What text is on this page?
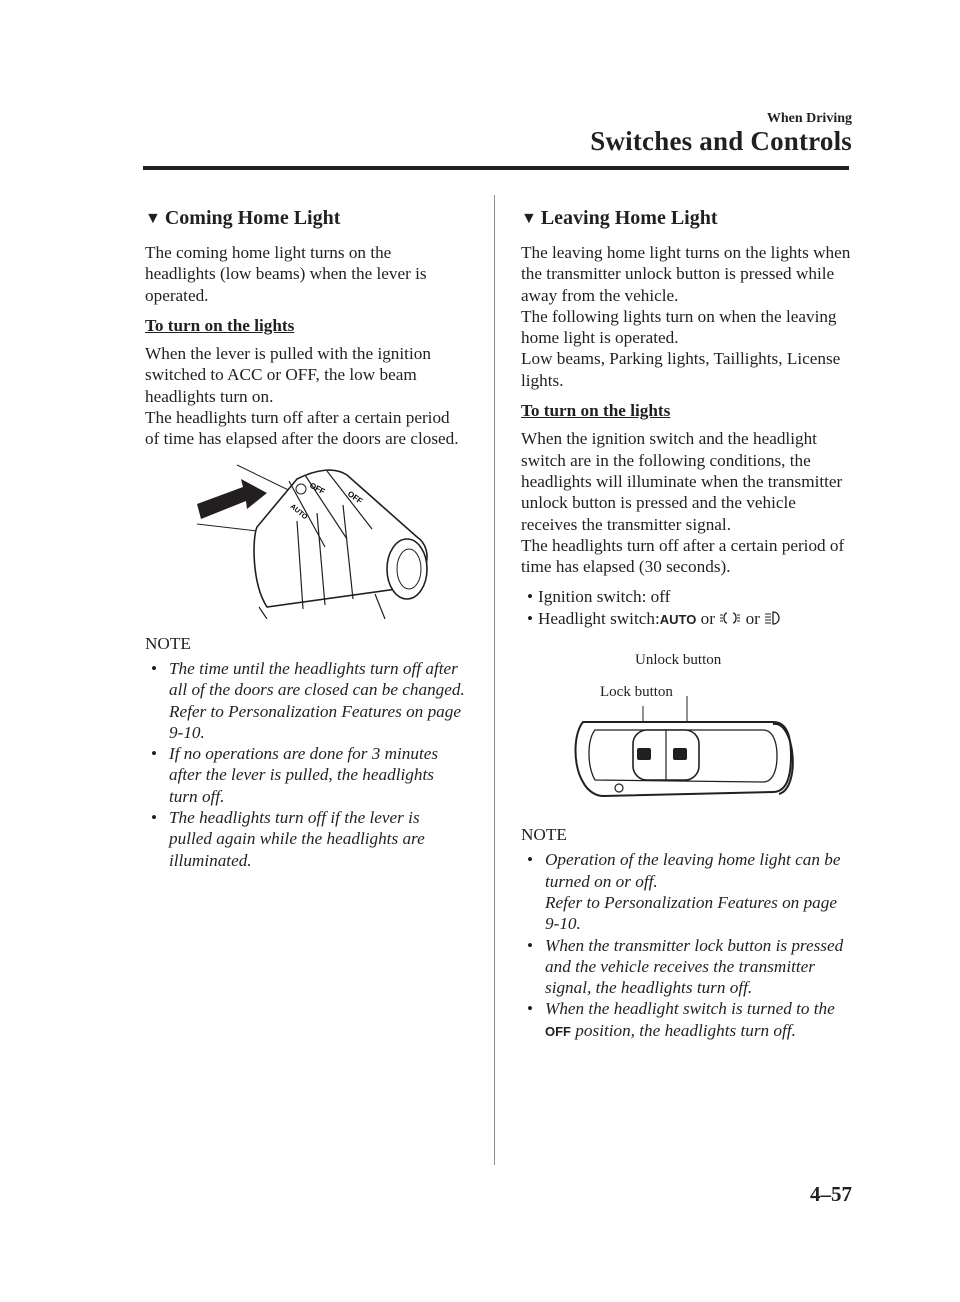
When Driving
Switches and Controls
▼ Coming Home Light

The coming home light turns on the headlights (low beams) when the lever is operated.

To turn on the lights

When the lever is pulled with the ignition switched to ACC or OFF, the low beam headlights turn on.

The headlights turn off after a certain period of time has elapsed after the doors are closed.

OFF
AUTO
OFF

NOTE

• The time until the headlights turn off after all of the doors are closed can be changed.
Refer to Personalization Features on page 9-10.
• If no operations are done for 3 minutes after the lever is pulled, the headlights turn off.
• The headlights turn off if the lever is pulled again while the headlights are illuminated.
▼ Leaving Home Light

The leaving home light turns on the lights when the transmitter unlock button is pressed while away from the vehicle.

The following lights turn on when the leaving home light is operated.

Low beams, Parking lights, Taillights, License lights.

To turn on the lights

When the ignition switch and the headlight switch are in the following conditions, the headlights will illuminate when the transmitter unlock button is pressed and the vehicle receives the transmitter signal.

The headlights turn off after a certain period of time has elapsed (30 seconds).

• Ignition switch: off
• Headlight switch:AUTO or or
Unlock button
Lock button

NOTE

• Operation of the leaving home light can be turned on or off.
Refer to Personalization Features on page 9-10.
• When the transmitter lock button is pressed and the vehicle receives the transmitter signal, the headlights turn off.
• When the headlight switch is turned to the OFF position, the headlights turn off.
4–57
